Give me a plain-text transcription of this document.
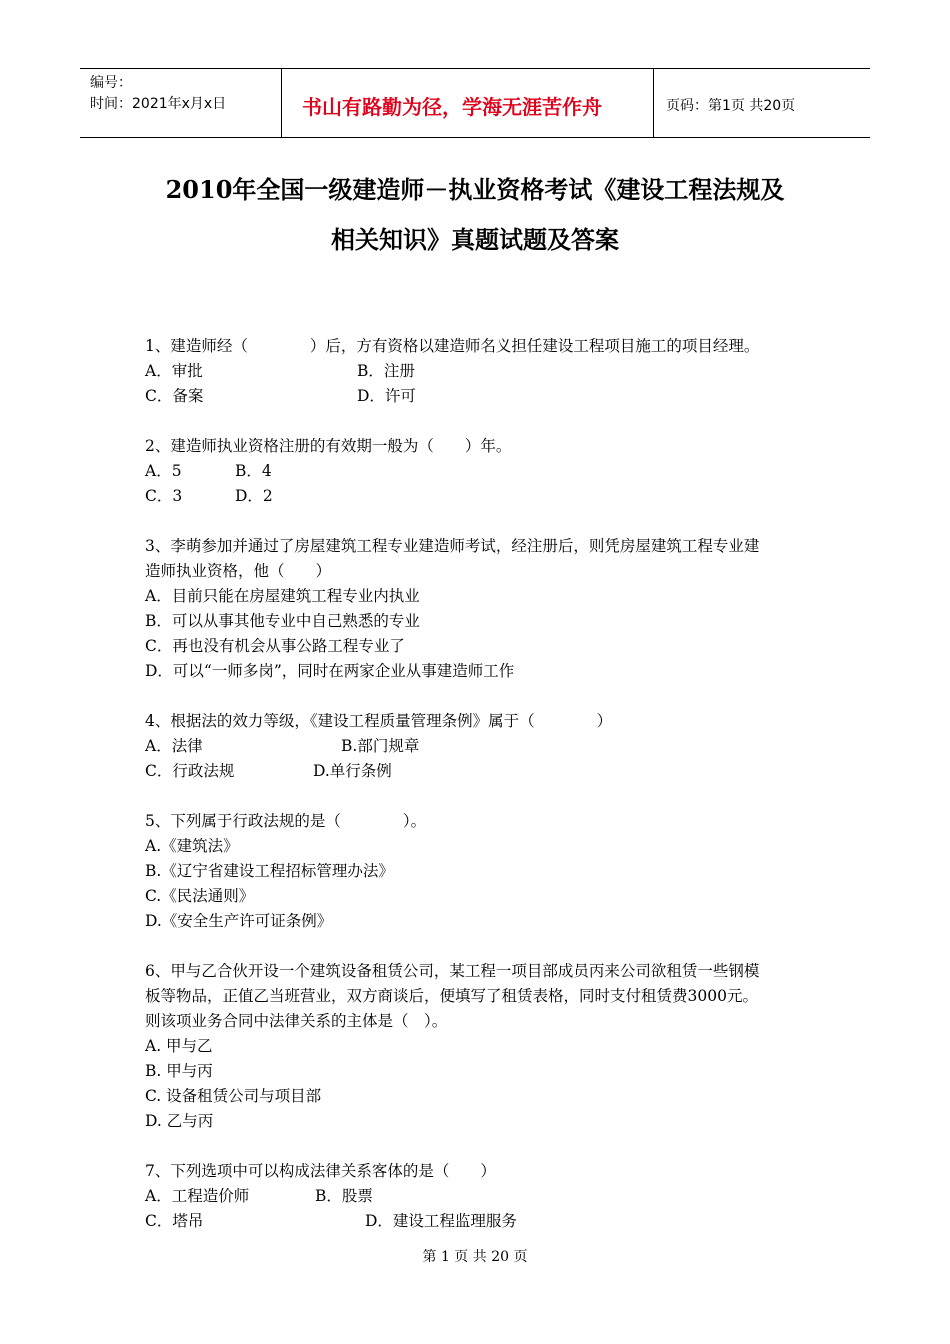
编号：
时间：2021年x月x日	书山有路勤为径，学海无涯苦作舟	页码：第1页 共20页
2010年全国一级建造师－执业资格考试《建设工程法规及
相关知识》真题试题及答案
1、建造师经（　　　　）后，方有资格以建造师名义担任建设工程项目施工的项目经理。
A．审批	B．注册
C．备案	D．许可
2、建造师执业资格注册的有效期一般为（　　）年。
A．5	B．4
C．3	D．2
3、李萌参加并通过了房屋建筑工程专业建造师考试，经注册后，则凭房屋建筑工程专业建
造师执业资格，他（　　）
A．目前只能在房屋建筑工程专业内执业
B．可以从事其他专业中自己熟悉的专业
C．再也没有机会从事公路工程专业了
D．可以“一师多岗”，同时在两家企业从事建造师工作
4、根据法的效力等级，《建设工程质量管理条例》属于（　　　　）
A．法律	B.部门规章
C．行政法规	D.单行条例
5、下列属于行政法规的是（　　　　）。
A.《建筑法》
B.《辽宁省建设工程招标管理办法》
C.《民法通则》
D.《安全生产许可证条例》
6、甲与乙合伙开设一个建筑设备租赁公司，某工程一项目部成员丙来公司欲租赁一些钢模
板等物品，正值乙当班营业，双方商谈后，便填写了租赁表格，同时支付租赁费3000元。
则该项业务合同中法律关系的主体是（　）。
A. 甲与乙
B. 甲与丙
C. 设备租赁公司与项目部
D. 乙与丙
7、下列选项中可以构成法律关系客体的是（　　）
A．工程造价师	B．股票
C．塔吊	D．建设工程监理服务
第 1 页 共 20 页
